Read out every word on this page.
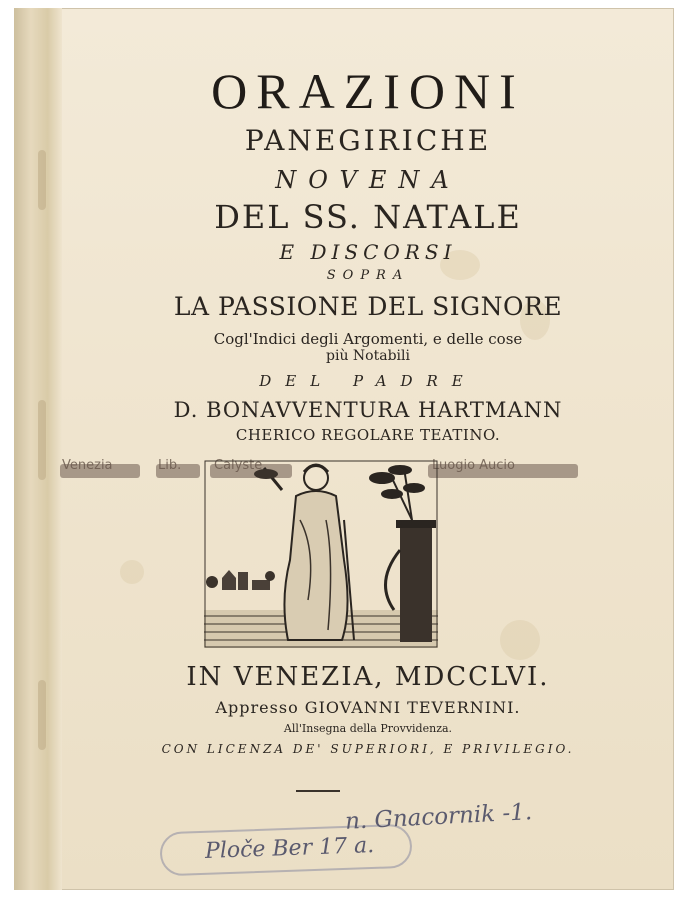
ORAZIONI
PANEGIRICHE
NOVENA
DEL SS. NATALE
E DISCORSI
SOPRA
LA PASSIONE DEL SIGNORE
Cogl'Indici degli Argomenti, e delle cose
più Notabili
DEL PADRE
D. BONAVVENTURA HARTMANN
CHERICO REGOLARE TEATINO.
IN VENEZIA, MDCCLVI.
Appresso GIOVANNI TEVERNINI.
All'Insegna della Provvidenza.
CON LICENZA DE' SUPERIORI, E PRIVILEGIO.
n. Gnacornik -1.
Ploče Ber 17 a.
